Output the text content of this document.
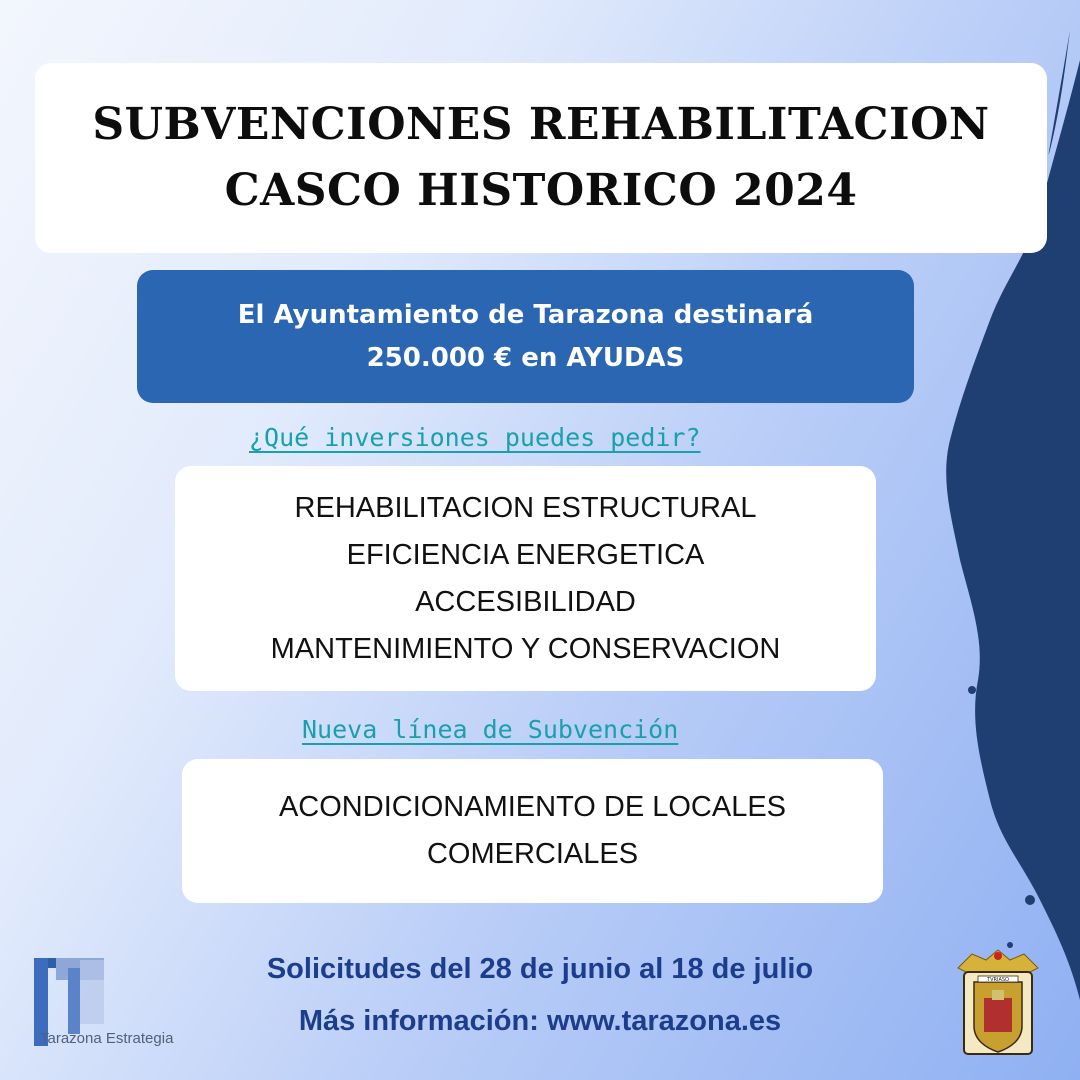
SUBVENCIONES REHABILITACION
CASCO HISTORICO 2024
El Ayuntamiento de Tarazona destinará
250.000 € en AYUDAS
¿Qué inversiones puedes pedir?
REHABILITACION ESTRUCTURAL
EFICIENCIA ENERGETICA
ACCESIBILIDAD
MANTENIMIENTO Y CONSERVACION
Nueva línea de Subvención
ACONDICIONAMIENTO DE LOCALES
COMERCIALES
Solicitudes del 28 de junio al 18 de julio
Más información: www.tarazona.es
Tarazona Estrategia
TVRIASO
